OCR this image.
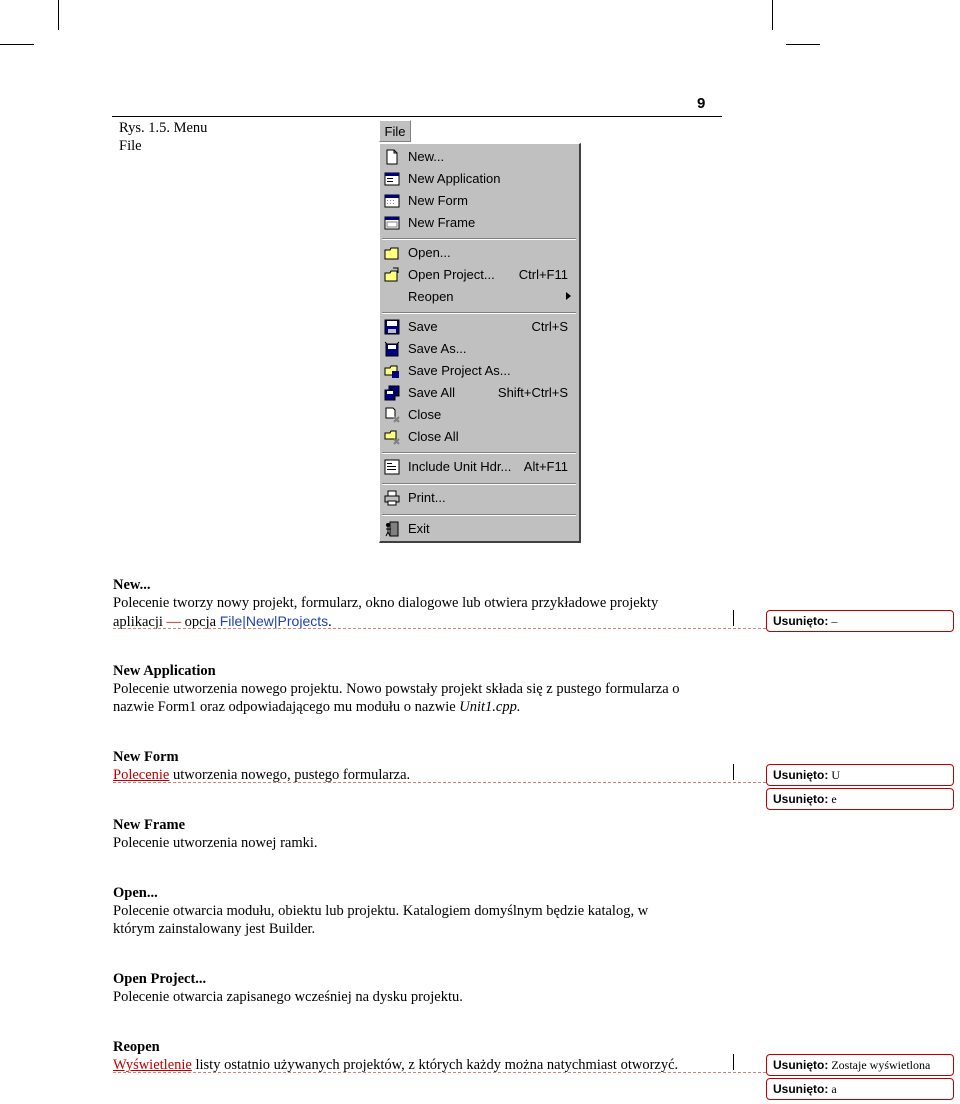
9
Rys. 1.5. Menu
File
File
New...
New Application
New Form
New Frame
Open...
Open Project... Ctrl+F11
Reopen
Save	Ctrl+S
Save As...
Save Project As...
Save All	Shift+Ctrl+S
Close
Close All
Include Unit Hdr... Alt+F11
Print...
Exit
New...
Polecenie tworzy nowy projekt, formularz, okno dialogowe lub otwiera przykładowe projekty
aplikacji — opcja File|New|Projects.	Usunięto: –
New Application
Polecenie utworzenia nowego projektu. Nowo powstały projekt składa się z pustego formularza o
nazwie Form1 oraz odpowiadającego mu modułu o nazwie Unit1.cpp.
New Form
Polecenie utworzenia nowego, pustego formularza.	Usunięto: U
Usunięto: e
New Frame
Polecenie utworzenia nowej ramki.
Open...
Polecenie otwarcia modułu, obiektu lub projektu. Katalogiem domyślnym będzie katalog, w
którym zainstalowany jest Builder.
Open Project...
Polecenie otwarcia zapisanego wcześniej na dysku projektu.
Reopen
Wyświetlenie listy ostatnio używanych projektów, z których każdy można natychmiast otworzyć.	Usunięto: Zostaje wyświetlona
Usunięto: a
